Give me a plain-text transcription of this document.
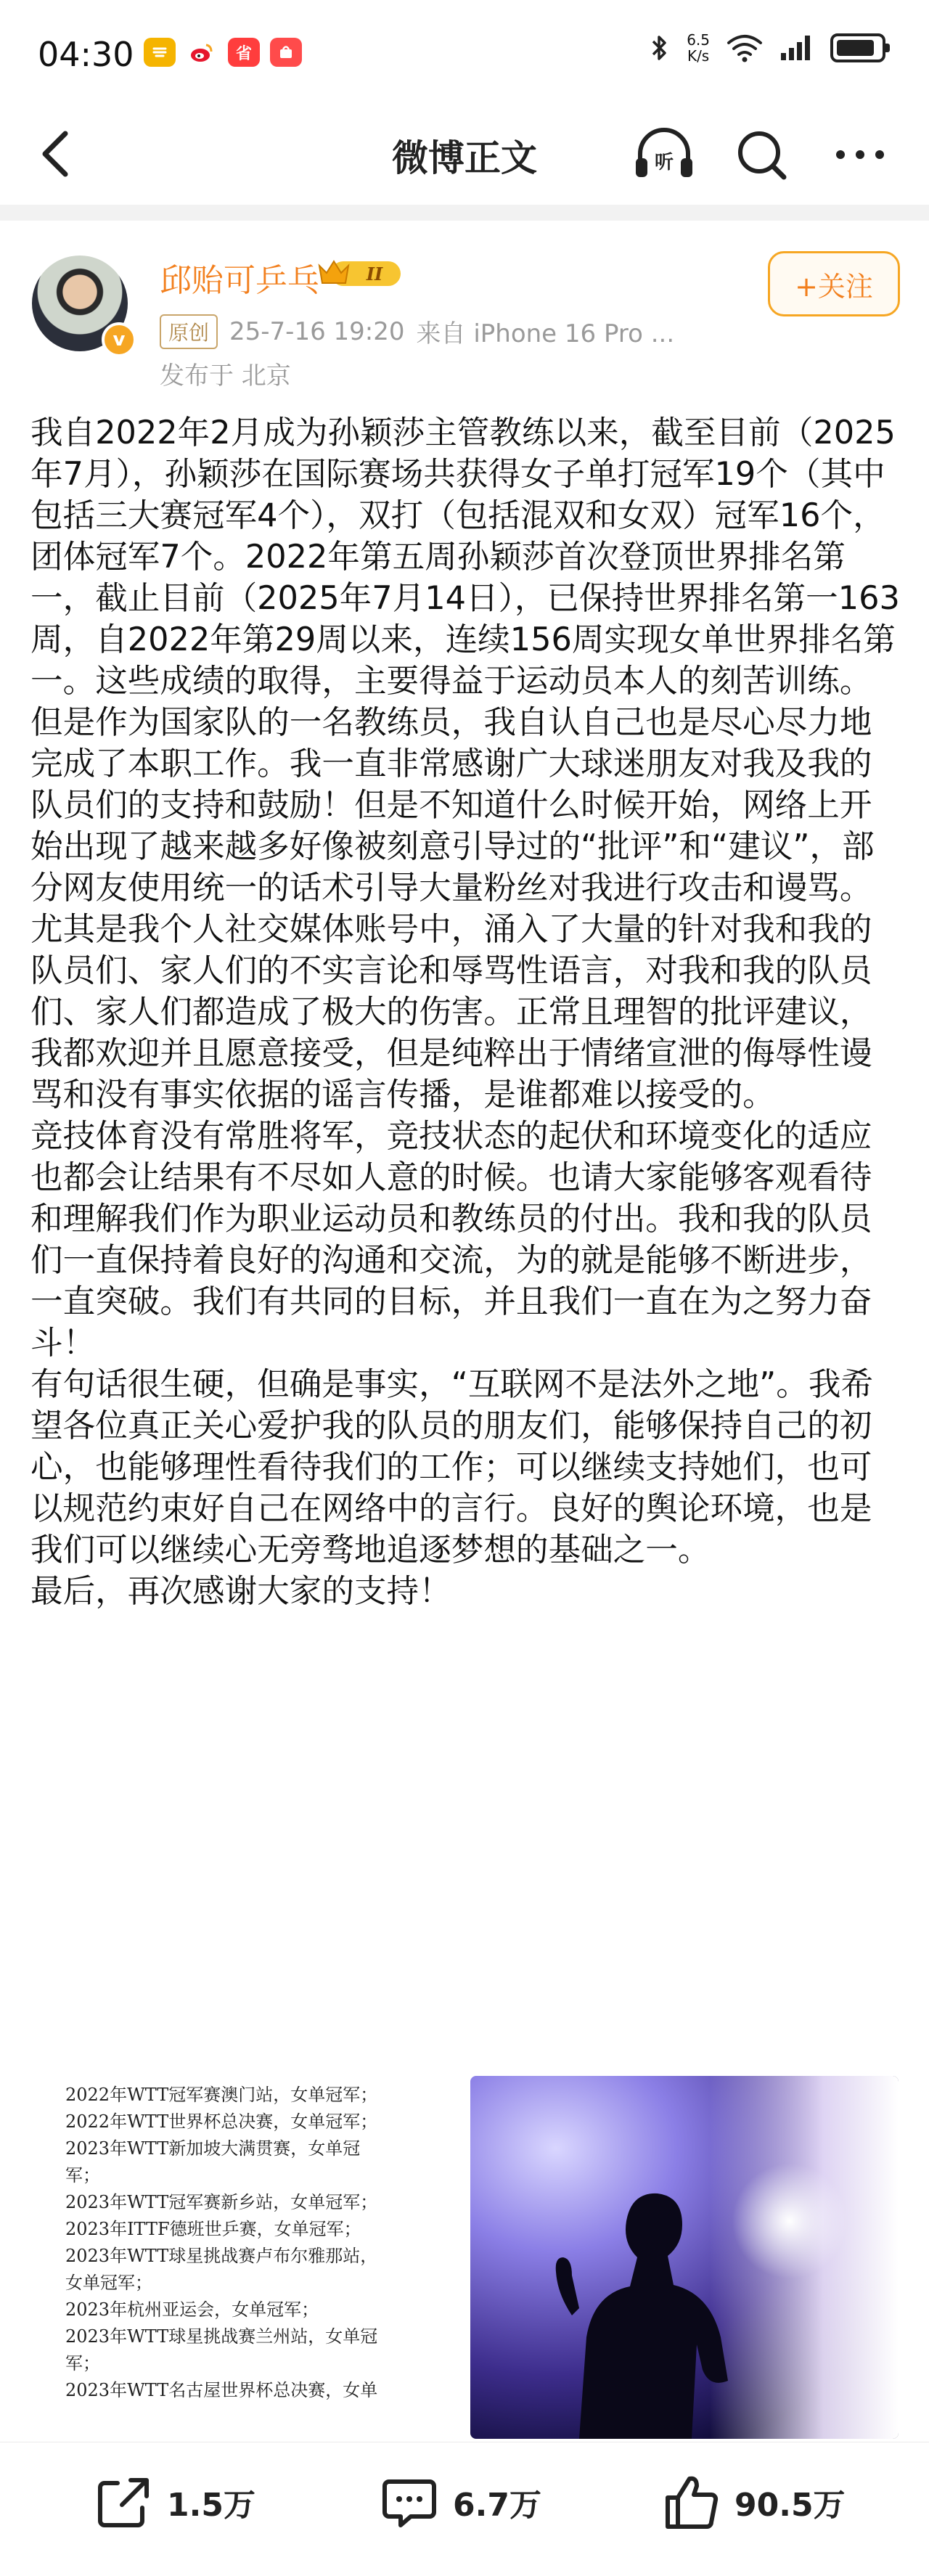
04:30	省
6.5
K/s
微博正文	听
v
邱贻可乒乓	II
原创 25-7-16 19:20 来自 iPhone 16 Pro ...
发布于 北京
+关注

我自2022年2月成为孙颖莎主管教练以来，截至目前（2025年7月），孙颖莎在国际赛场共获得女子单打冠军19个（其中包括三大赛冠军4个），双打（包括混双和女双）冠军16个，团体冠军7个。2022年第五周孙颖莎首次登顶世界排名第一，截止目前（2025年7月14日），已保持世界排名第一163周，自2022年第29周以来，连续156周实现女单世界排名第一。这些成绩的取得，主要得益于运动员本人的刻苦训练。但是作为国家队的一名教练员，我自认自己也是尽心尽力地完成了本职工作。我一直非常感谢广大球迷朋友对我及我的队员们的支持和鼓励！但是不知道什么时候开始，网络上开始出现了越来越多好像被刻意引导过的“批评”和“建议”，部分网友使用统一的话术引导大量粉丝对我进行攻击和谩骂。尤其是我个人社交媒体账号中，涌入了大量的针对我和我的队员们、家人们的不实言论和辱骂性语言，对我和我的队员们、家人们都造成了极大的伤害。正常且理智的批评建议，我都欢迎并且愿意接受，但是纯粹出于情绪宣泄的侮辱性谩骂和没有事实依据的谣言传播，是谁都难以接受的。

竞技体育没有常胜将军，竞技状态的起伏和环境变化的适应也都会让结果有不尽如人意的时候。也请大家能够客观看待和理解我们作为职业运动员和教练员的付出。我和我的队员们一直保持着良好的沟通和交流，为的就是能够不断进步，一直突破。我们有共同的目标，并且我们一直在为之努力奋斗！

有句话很生硬，但确是事实，“互联网不是法外之地”。我希望各位真正关心爱护我的队员的朋友们，能够保持自己的初心，也能够理性看待我们的工作；可以继续支持她们，也可以规范约束好自己在网络中的言行。良好的舆论环境，也是我们可以继续心无旁骛地追逐梦想的基础之一。

最后，再次感谢大家的支持！

2022年WTT冠军赛澳门站，女单冠军；
2022年WTT世界杯总决赛，女单冠军；
2023年WTT新加坡大满贯赛，女单冠
军；
2023年WTT冠军赛新乡站，女单冠军；
2023年ITTF德班世乒赛，女单冠军；
2023年WTT球星挑战赛卢布尔雅那站，
女单冠军；
2023年杭州亚运会，女单冠军；
2023年WTT球星挑战赛兰州站，女单冠
军；
2023年WTT名古屋世界杯总决赛，女单
1.5万	6.7万	90.5万
